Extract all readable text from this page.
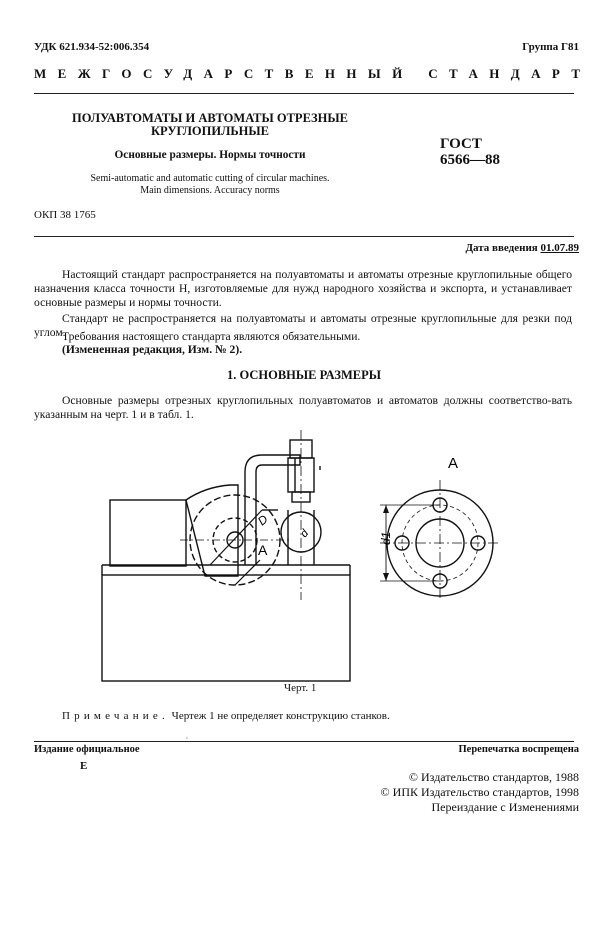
УДК 621.934-52:006.354	Группа Г81
МЕЖГОСУДАРСТВЕННЫЙ СТАНДАРТ
ПОЛУАВТОМАТЫ И АВТОМАТЫ ОТРЕЗНЫЕ
КРУГЛОПИЛЬНЫЕ
Основные размеры. Нормы точности
Semi-automatic and automatic cutting of circular machines.
Main dimensions. Accuracy norms
ГОСТ
6566—88
ОКП 38 1765
Дата введения 01.07.89
Настоящий стандарт распространяется на полуавтоматы и автоматы отрезные круглопильные общего назначения класса точности Н, изготовляемые для нужд народного хозяйства и экспорта, и устанавливает основные размеры и нормы точности.
Стандарт не распространяется на полуавтоматы и автоматы отрезные круглопильные для резки под углом.
Требования настоящего стандарта являются обязательными.
(Измененная редакция, Изм. № 2).
1. ОСНОВНЫЕ РАЗМЕРЫ
Основные размеры отрезных круглопильных полуавтоматов и автоматов должны соответство-вать указанным на черт. 1 и в табл. 1.
A
D
d
A
d1
Черт. 1
Примечание. Чертеж 1 не определяет конструкцию станков.
'
Издание официальное	Перепечатка воспрещена
E
© Издательство стандартов, 1988
© ИПК Издательство стандартов, 1998
Переиздание с Изменениями
